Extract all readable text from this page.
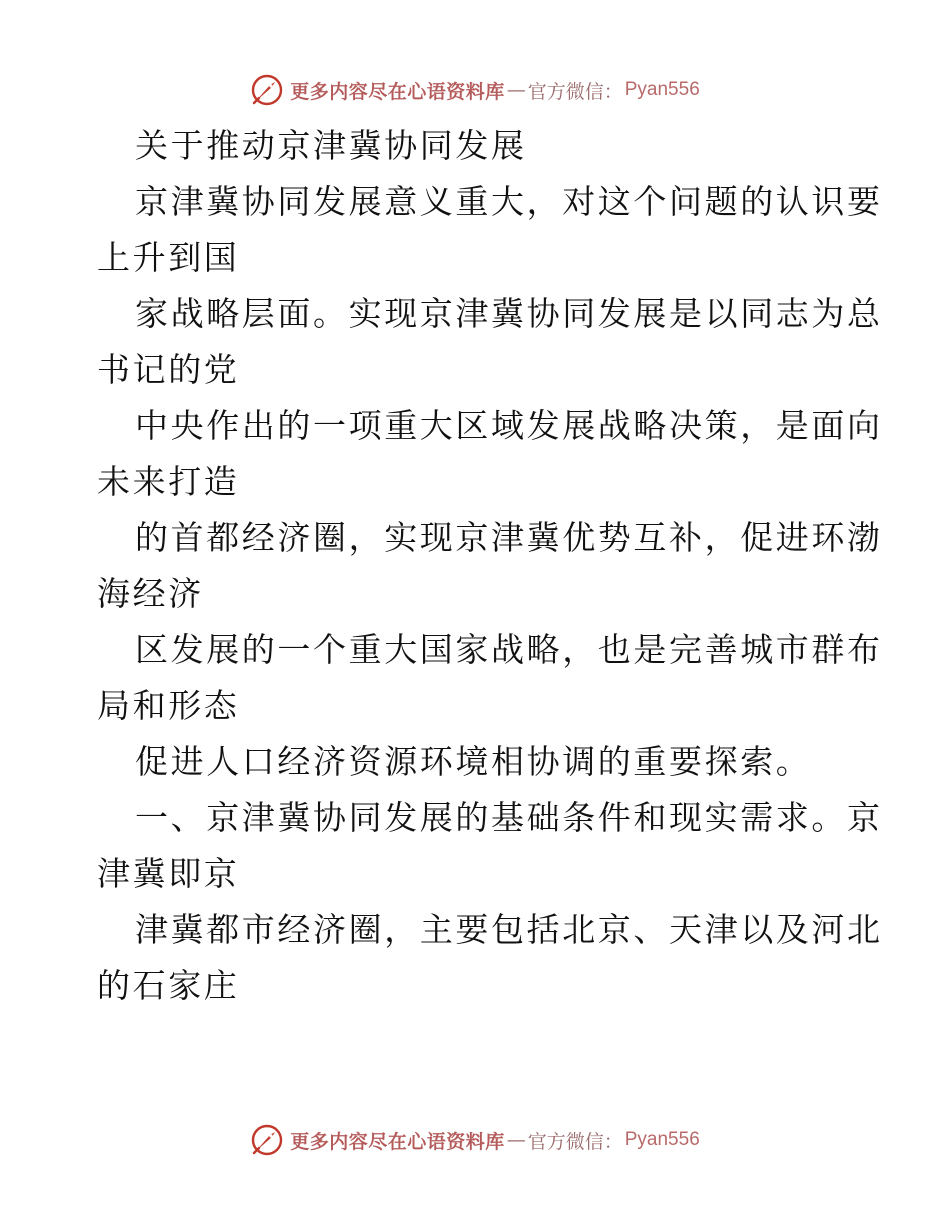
更多内容尽在心语资料库 — 官方微信： Pyan556

关于推动京津冀协同发展

京津冀协同发展意义重大，对这个问题的认识要

上升到国

家战略层面。实现京津冀协同发展是以同志为总

书记的党

中央作出的一项重大区域发展战略决策，是面向

未来打造

的首都经济圈，实现京津冀优势互补，促进环渤

海经济

区发展的一个重大国家战略，也是完善城市群布

局和形态

促进人口经济资源环境相协调的重要探索。

一、京津冀协同发展的基础条件和现实需求。京

津冀即京

津冀都市经济圈，主要包括北京、天津以及河北

的石家庄

更多内容尽在心语资料库 — 官方微信： Pyan556
